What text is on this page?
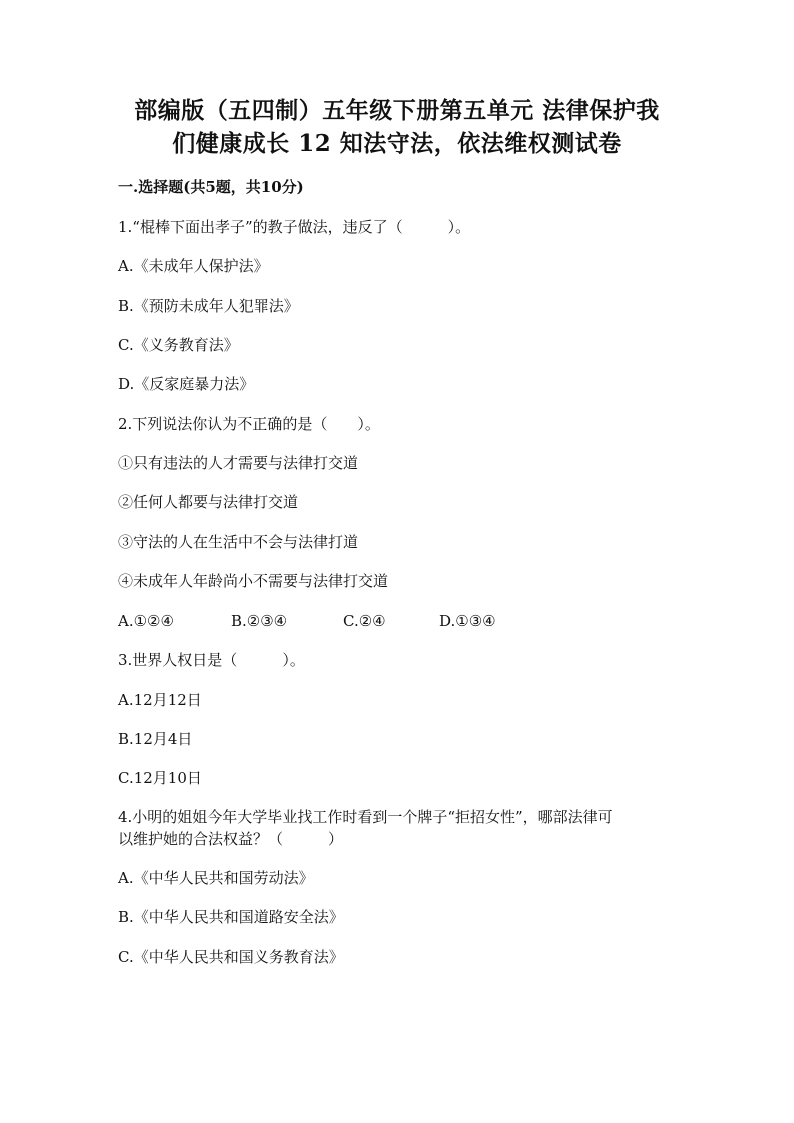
部编版（五四制）五年级下册第五单元 法律保护我
们健康成长 12 知法守法，依法维权测试卷
一.选择题(共5题，共10分)
1.“棍棒下面出孝子”的教子做法，违反了（　　　）。
A.《未成年人保护法》
B.《预防未成年人犯罪法》
C.《义务教育法》
D.《反家庭暴力法》
2.下列说法你认为不正确的是（　　）。
①只有违法的人才需要与法律打交道
②任何人都要与法律打交道
③守法的人在生活中不会与法律打道
④未成年人年龄尚小不需要与法律打交道
A.①②④	B.②③④	C.②④	D.①③④
3.世界人权日是（　　　）。
A.12月12日
B.12月4日
C.12月10日
4.小明的姐姐今年大学毕业找工作时看到一个牌子“拒招女性”，哪部法律可
以维护她的合法权益？（　　　）
A.《中华人民共和国劳动法》
B.《中华人民共和国道路安全法》
C.《中华人民共和国义务教育法》
